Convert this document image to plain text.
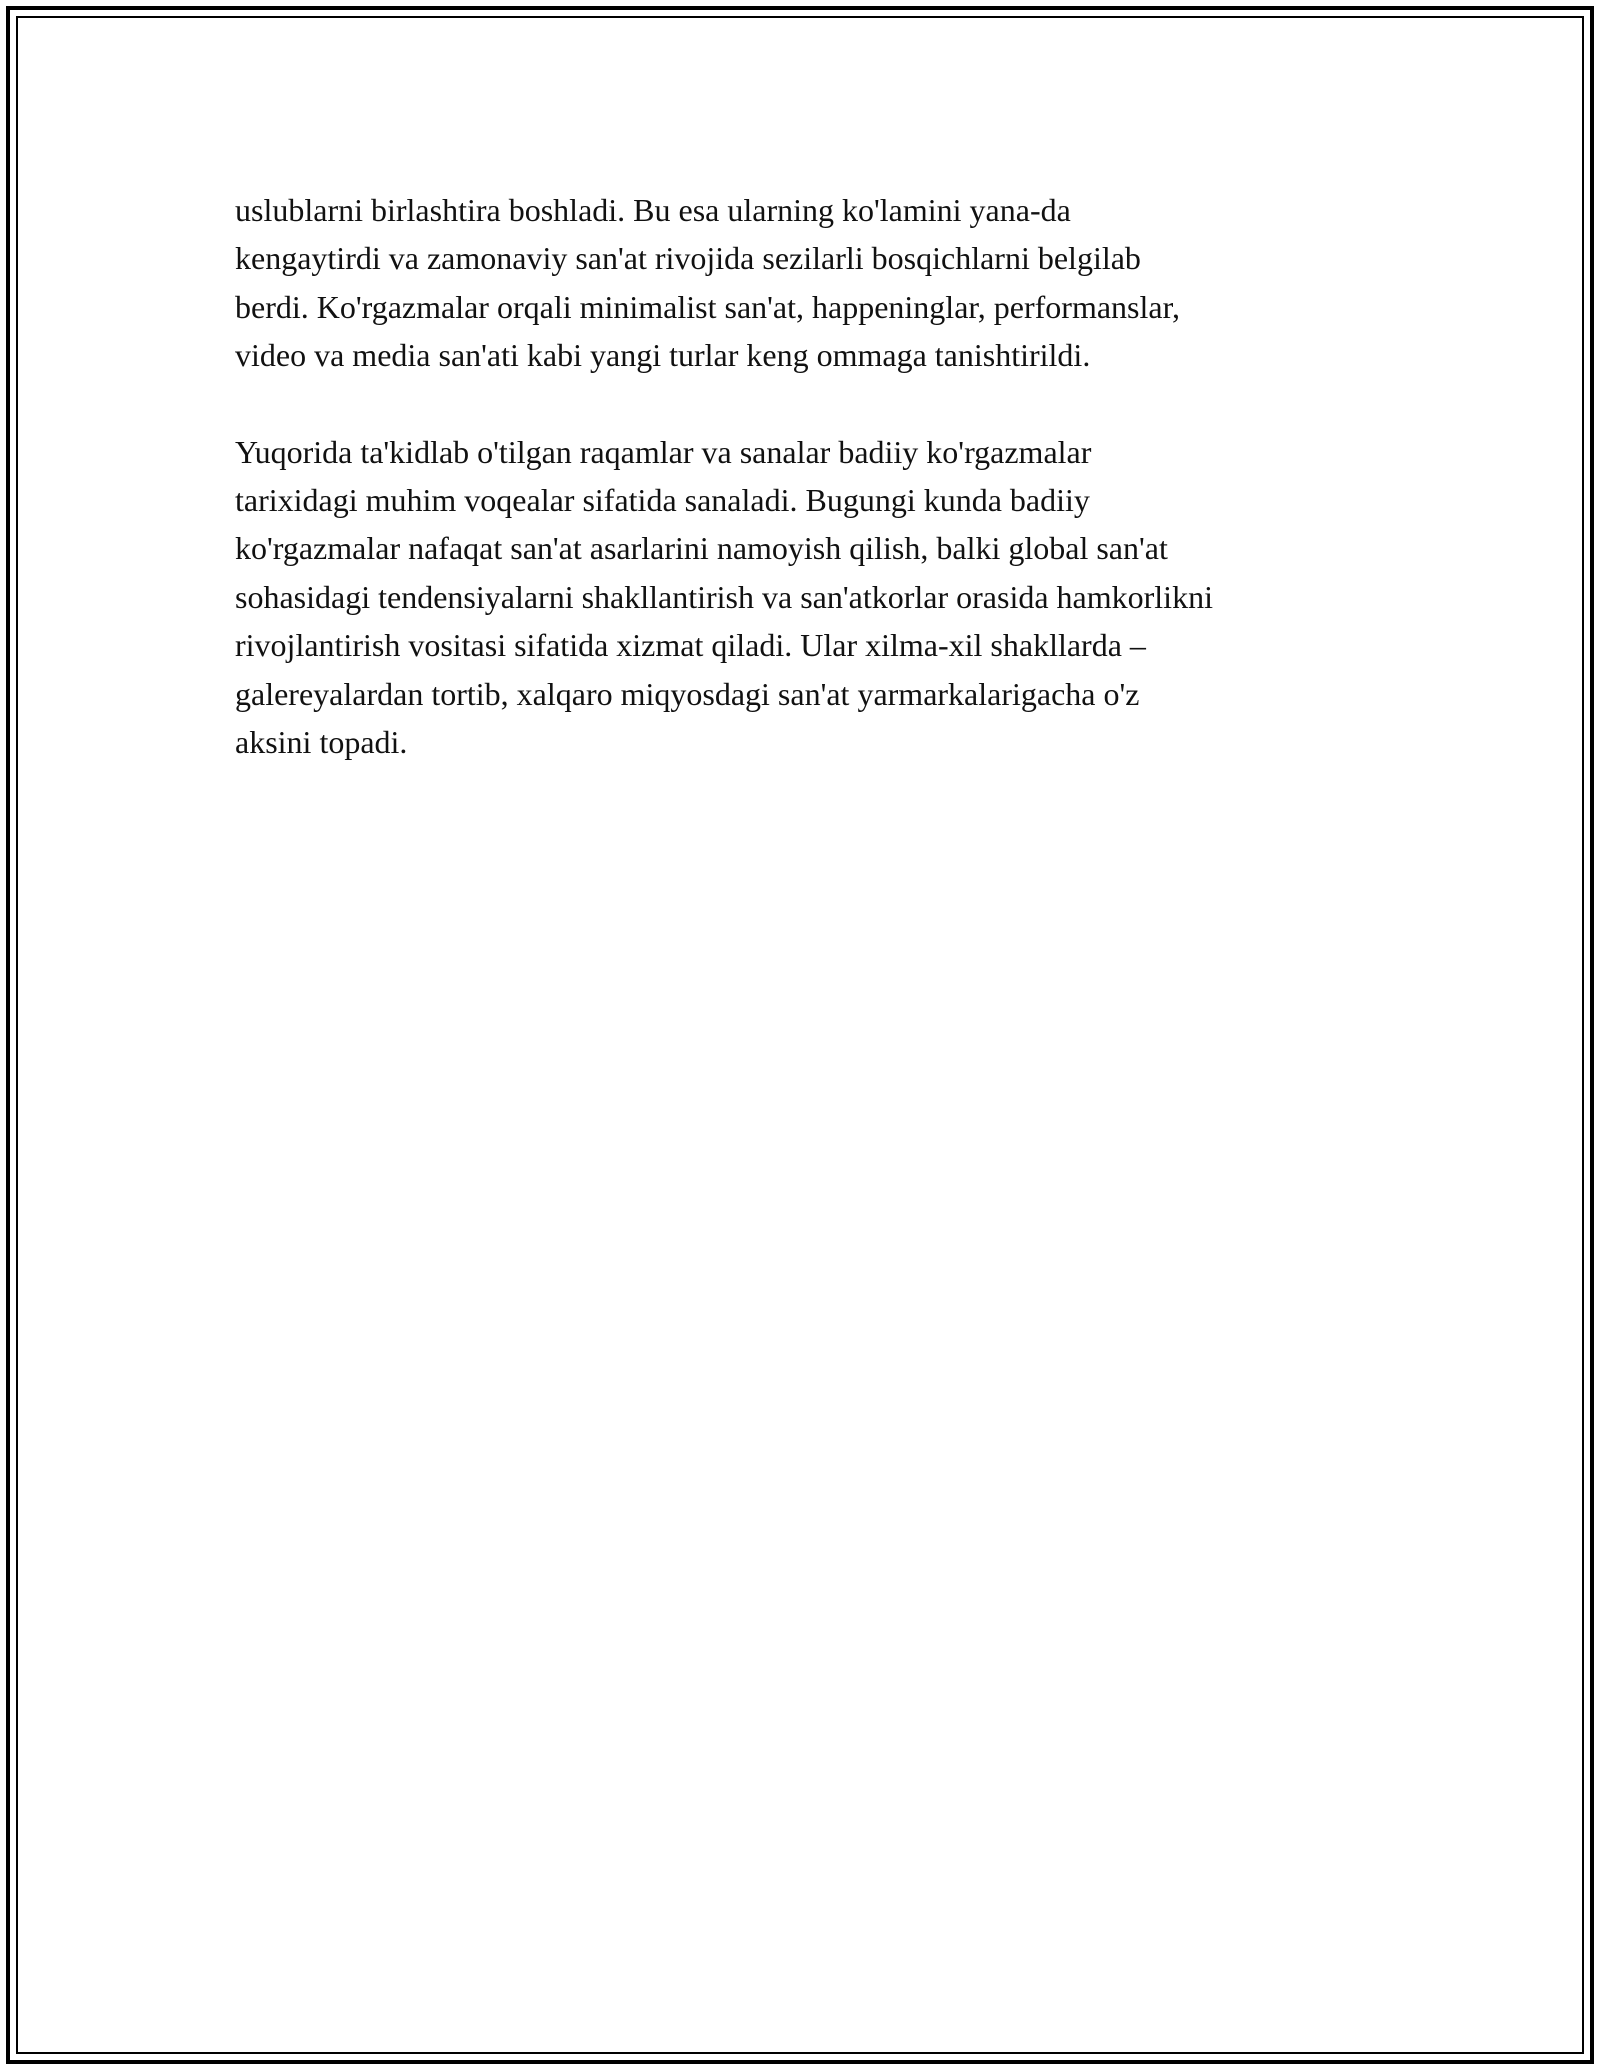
uslublarni birlashtira boshladi. Bu esa ularning ko'lamini yana-da
kengaytirdi va zamonaviy san'at rivojida sezilarli bosqichlarni belgilab
berdi. Ko'rgazmalar orqali minimalist san'at, happeninglar, performanslar,
video va media san'ati kabi yangi turlar keng ommaga tanishtirildi.

Yuqorida ta'kidlab o'tilgan raqamlar va sanalar badiiy ko'rgazmalar
tarixidagi muhim voqealar sifatida sanaladi. Bugungi kunda badiiy
ko'rgazmalar nafaqat san'at asarlarini namoyish qilish, balki global san'at
sohasidagi tendensiyalarni shakllantirish va san'atkorlar orasida hamkorlikni
rivojlantirish vositasi sifatida xizmat qiladi. Ular xilma-xil shakllarda –
galereyalardan tortib, xalqaro miqyosdagi san'at yarmarkalarigacha o'z
aksini topadi.
